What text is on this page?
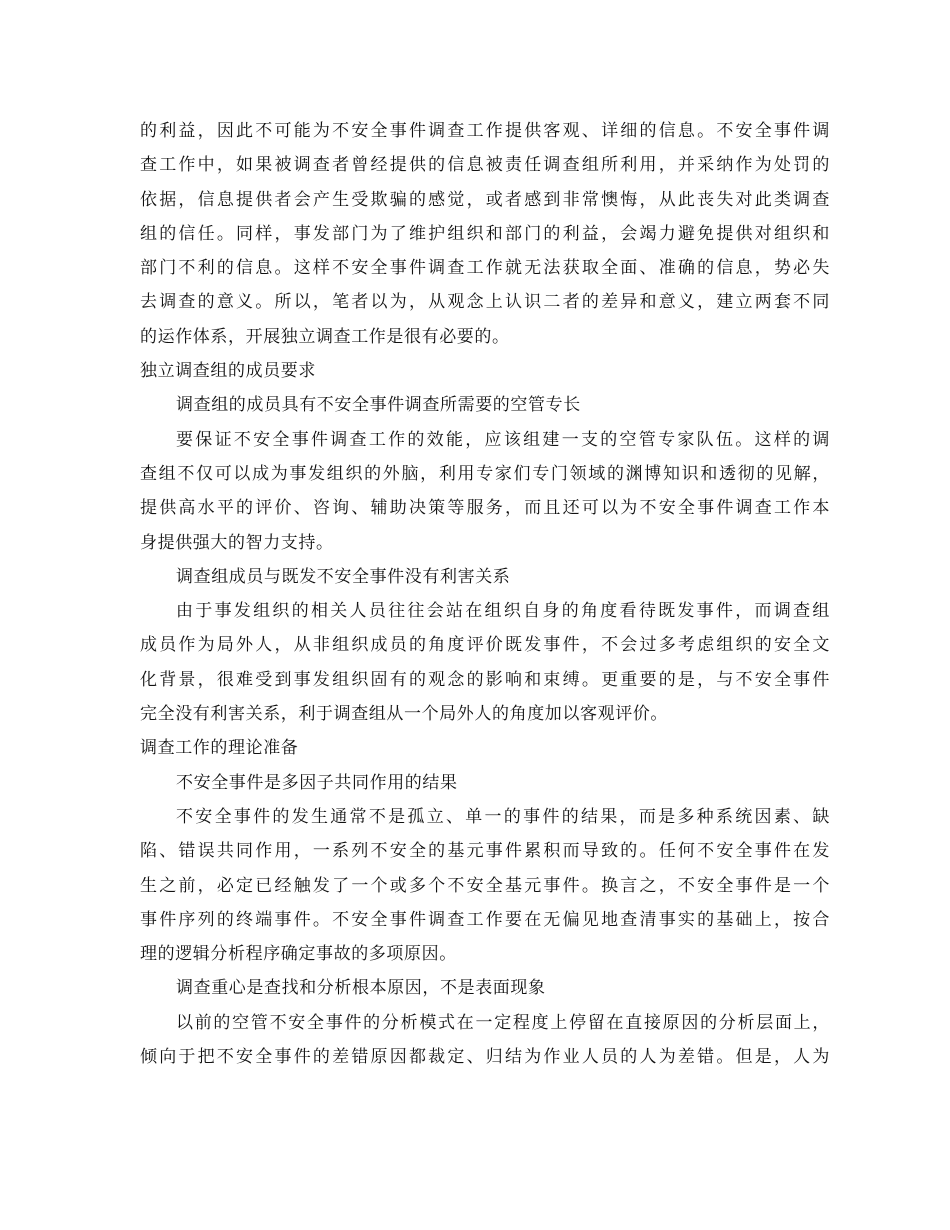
的利益，因此不可能为不安全事件调查工作提供客观、详细的信息。不安全事件调
查工作中，如果被调查者曾经提供的信息被责任调查组所利用，并采纳作为处罚的
依据，信息提供者会产生受欺骗的感觉，或者感到非常懊悔，从此丧失对此类调查
组的信任。同样，事发部门为了维护组织和部门的利益，会竭力避免提供对组织和
部门不利的信息。这样不安全事件调查工作就无法获取全面、准确的信息，势必失
去调查的意义。所以，笔者以为，从观念上认识二者的差异和意义，建立两套不同
的运作体系，开展独立调查工作是很有必要的。
独立调查组的成员要求
调查组的成员具有不安全事件调查所需要的空管专长
要保证不安全事件调查工作的效能，应该组建一支的空管专家队伍。这样的调
查组不仅可以成为事发组织的外脑，利用专家们专门领域的渊博知识和透彻的见解，
提供高水平的评价、咨询、辅助决策等服务，而且还可以为不安全事件调查工作本
身提供强大的智力支持。
调查组成员与既发不安全事件没有利害关系
由于事发组织的相关人员往往会站在组织自身的角度看待既发事件，而调查组
成员作为局外人，从非组织成员的角度评价既发事件，不会过多考虑组织的安全文
化背景，很难受到事发组织固有的观念的影响和束缚。更重要的是，与不安全事件
完全没有利害关系，利于调查组从一个局外人的角度加以客观评价。
调查工作的理论准备
不安全事件是多因子共同作用的结果
不安全事件的发生通常不是孤立、单一的事件的结果，而是多种系统因素、缺
陷、错误共同作用，一系列不安全的基元事件累积而导致的。任何不安全事件在发
生之前，必定已经触发了一个或多个不安全基元事件。换言之，不安全事件是一个
事件序列的终端事件。不安全事件调查工作要在无偏见地查清事实的基础上，按合
理的逻辑分析程序确定事故的多项原因。
调查重心是查找和分析根本原因，不是表面现象
以前的空管不安全事件的分析模式在一定程度上停留在直接原因的分析层面上，
倾向于把不安全事件的差错原因都裁定、归结为作业人员的人为差错。但是，人为
